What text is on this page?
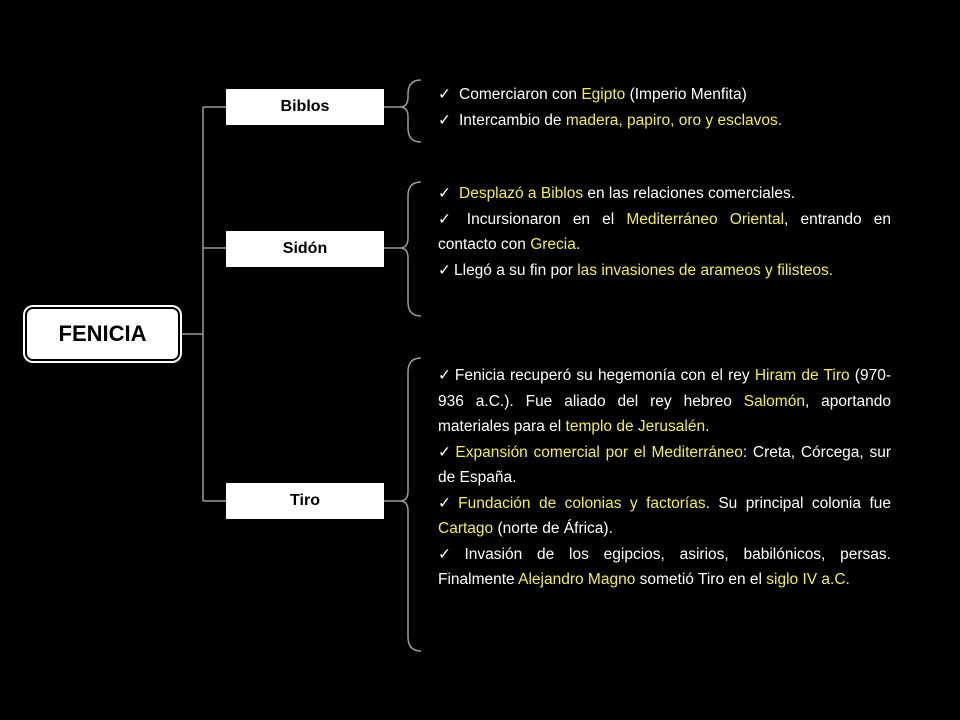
FENICIA
Biblos
Sidón
Tiro

✓ Comerciaron con Egipto (Imperio Menfita)

✓ Intercambio de madera, papiro, oro y esclavos.

✓ Desplazó a Biblos en las relaciones comerciales.

✓ Incursionaron en el Mediterráneo Oriental, entrando en contacto con Grecia.

✓ Llegó a su fin por las invasiones de arameos y filisteos.

✓ Fenicia recuperó su hegemonía con el rey Hiram de Tiro (970-936 a.C.). Fue aliado del rey hebreo Salomón, aportando materiales para el templo de Jerusalén.

✓ Expansión comercial por el Mediterráneo: Creta, Córcega, sur de España.

✓ Fundación de colonias y factorías. Su principal colonia fue Cartago (norte de África).

✓ Invasión de los egipcios, asirios, babilónicos, persas. Finalmente Alejandro Magno sometió Tiro en el siglo IV a.C.
